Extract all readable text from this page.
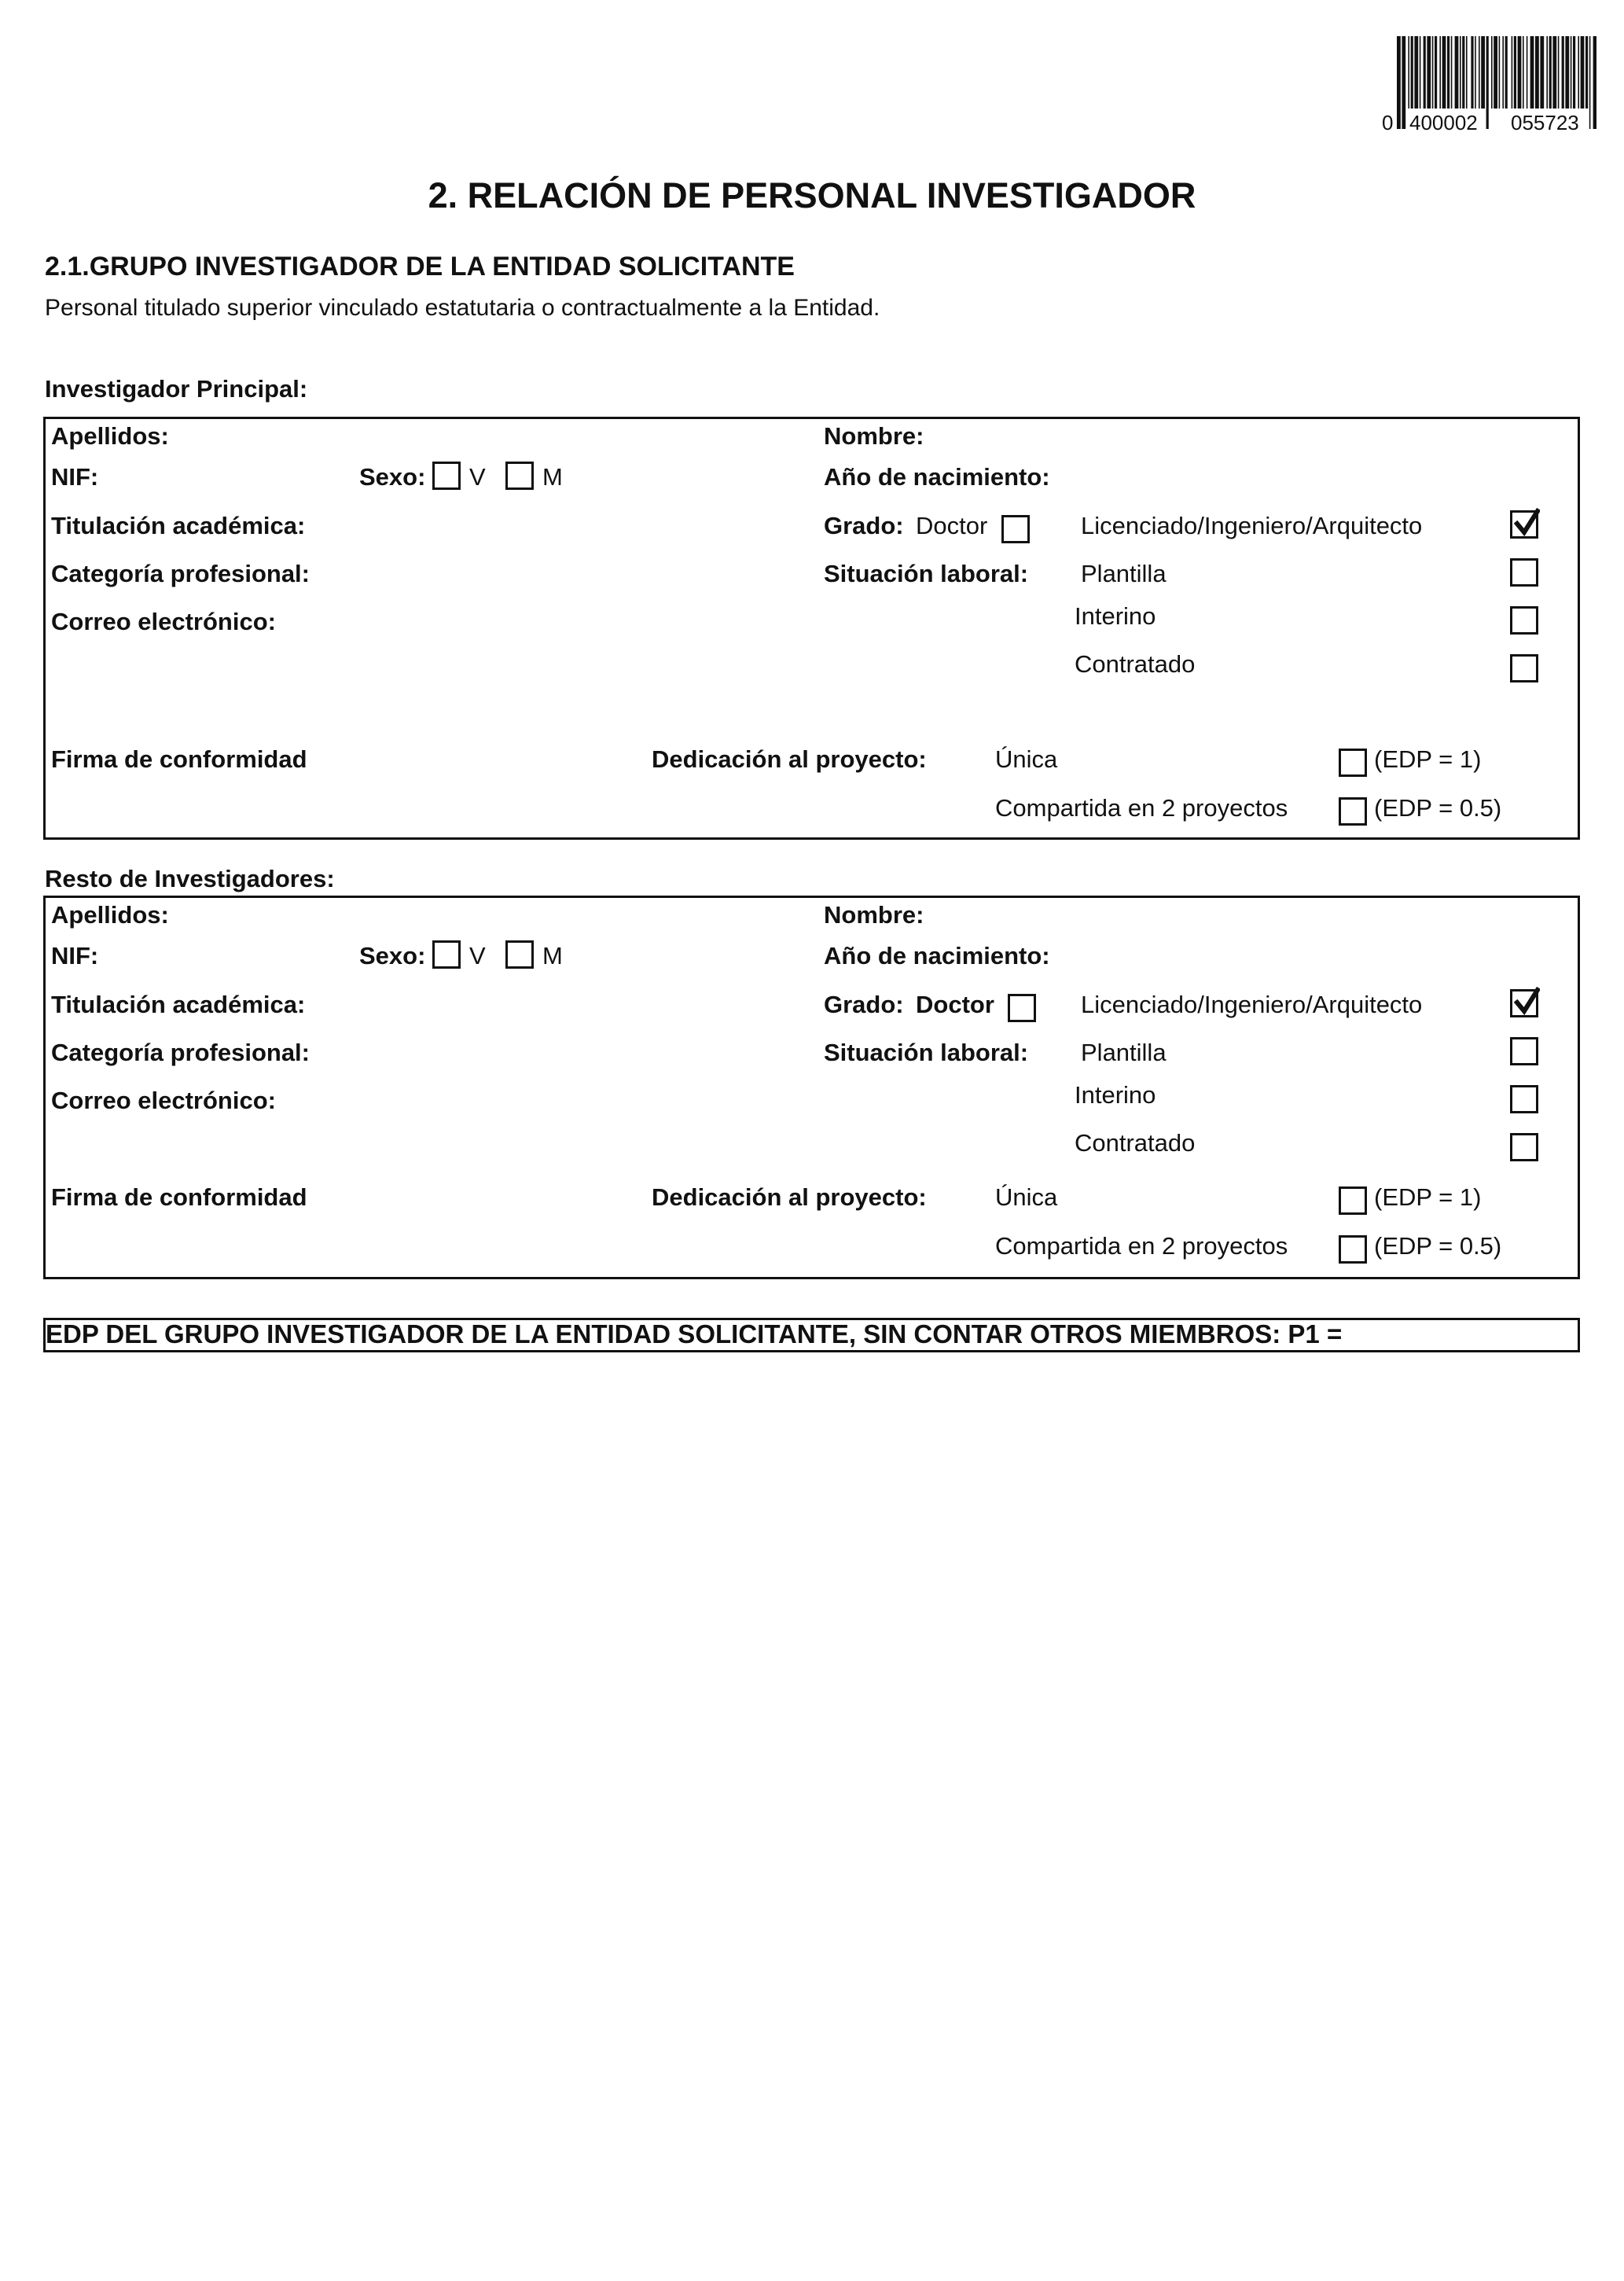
0 400002 055723
2. RELACIÓN DE PERSONAL INVESTIGADOR
2.1.GRUPO INVESTIGADOR DE LA ENTIDAD SOLICITANTE
Personal titulado superior vinculado estatutaria o contractualmente a la Entidad.
Investigador Principal:
Apellidos:	Nombre:
NIF:	Sexo: V M	Año de nacimiento:
Titulación académica:	Grado: Doctor	Licenciado/Ingeniero/Arquitecto
Categoría profesional:	Situación laboral: Plantilla
Correo electrónico:	Interino
Contratado
Firma de conformidad	Dedicación al proyecto:	Única	(EDP = 1)
Compartida en 2 proyectos	(EDP = 0.5)
Resto de Investigadores:
Apellidos:	Nombre:
NIF:	Sexo: V M	Año de nacimiento:
Titulación académica:	Grado: Doctor	Licenciado/Ingeniero/Arquitecto
Categoría profesional:	Situación laboral: Plantilla
Correo electrónico:	Interino
Contratado
Firma de conformidad	Dedicación al proyecto:	Única	(EDP = 1)
Compartida en 2 proyectos	(EDP = 0.5)
EDP DEL GRUPO INVESTIGADOR DE LA ENTIDAD SOLICITANTE, SIN CONTAR OTROS MIEMBROS: P1 =
